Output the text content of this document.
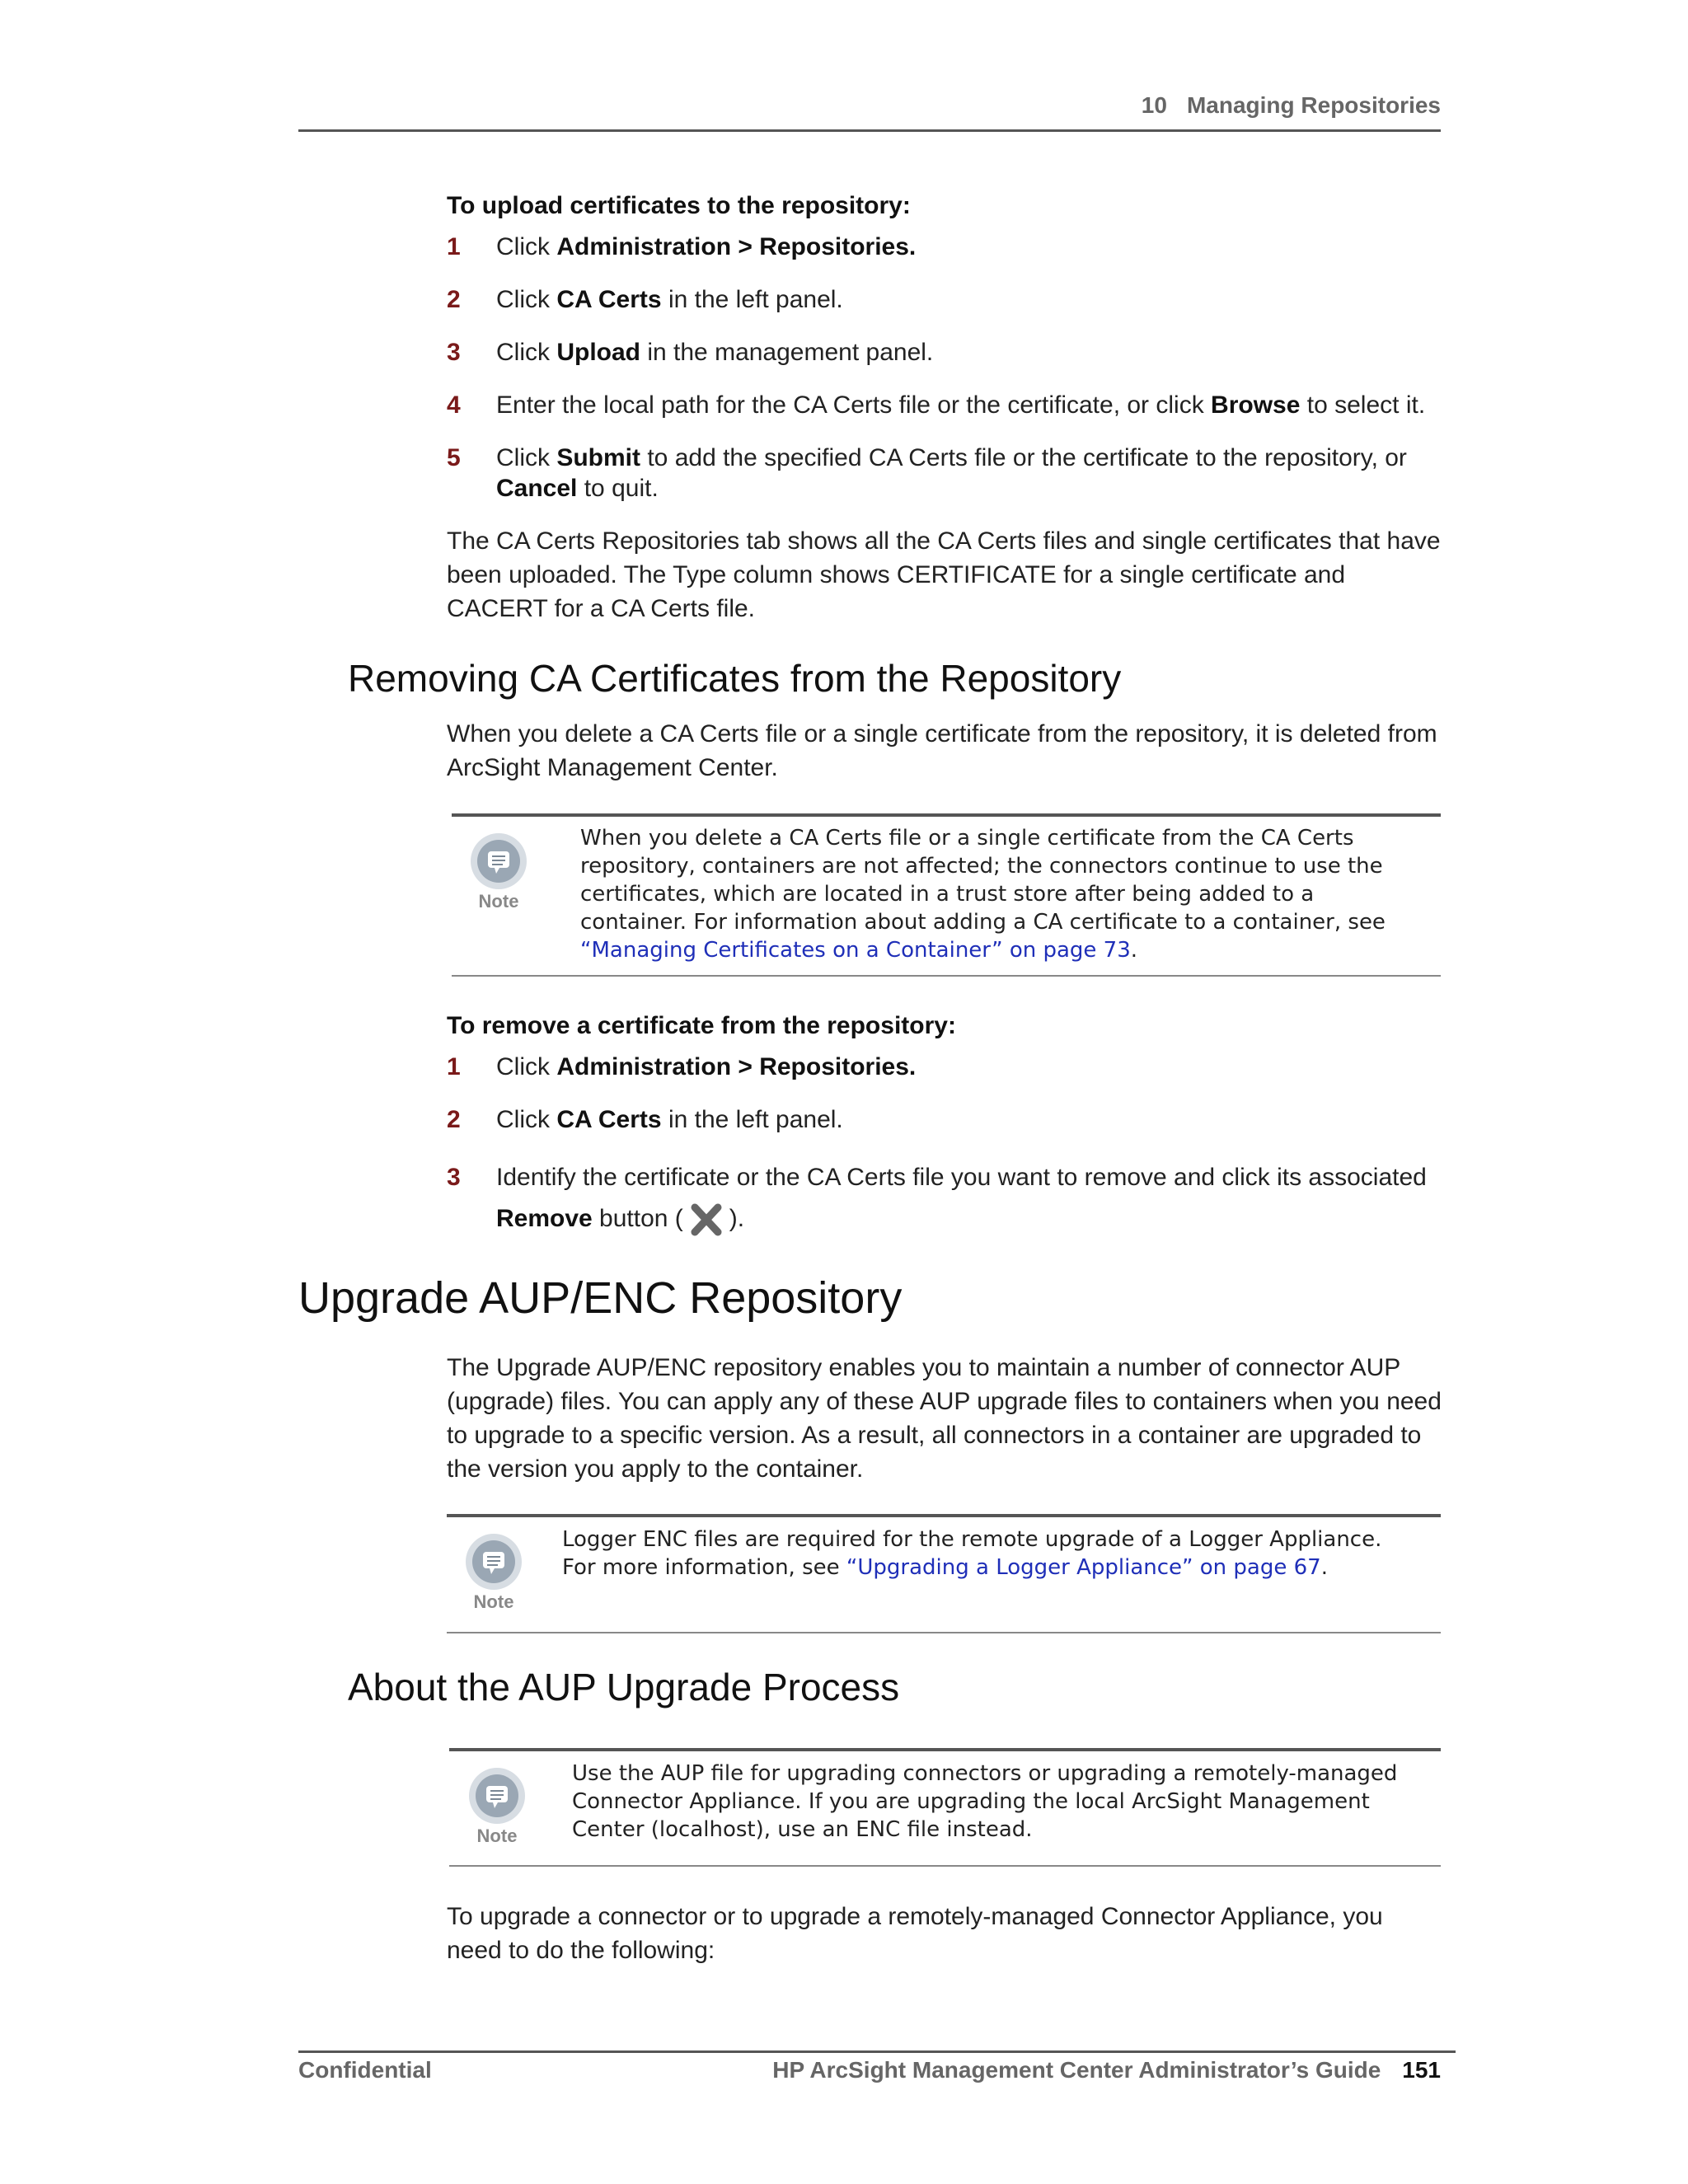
10 Managing Repositories
To upload certificates to the repository:
1 Click Administration > Repositories.
2 Click CA Certs in the left panel.
3 Click Upload in the management panel.
4 Enter the local path for the CA Certs file or the certificate, or click Browse to select it.
5 Click Submit to add the specified CA Certs file or the certificate to the repository, or Cancel to quit.
The CA Certs Repositories tab shows all the CA Certs files and single certificates that have been uploaded. The Type column shows CERTIFICATE for a single certificate and CACERT for a CA Certs file.
Removing CA Certificates from the Repository
When you delete a CA Certs file or a single certificate from the repository, it is deleted from ArcSight Management Center.
Note
When you delete a CA Certs file or a single certificate from the CA Certs repository, containers are not affected; the connectors continue to use the certificates, which are located in a trust store after being added to a container. For information about adding a CA certificate to a container, see “Managing Certificates on a Container” on page 73.
To remove a certificate from the repository:
1 Click Administration > Repositories.
2 Click CA Certs in the left panel.
3 Identify the certificate or the CA Certs file you want to remove and click its associated Remove button ( ).
Upgrade AUP/ENC Repository
The Upgrade AUP/ENC repository enables you to maintain a number of connector AUP (upgrade) files. You can apply any of these AUP upgrade files to containers when you need to upgrade to a specific version. As a result, all connectors in a container are upgraded to the version you apply to the container.
Note
Logger ENC files are required for the remote upgrade of a Logger Appliance. For more information, see “Upgrading a Logger Appliance” on page 67.
About the AUP Upgrade Process
Note
Use the AUP file for upgrading connectors or upgrading a remotely-managed Connector Appliance. If you are upgrading the local ArcSight Management Center (localhost), use an ENC file instead.
To upgrade a connector or to upgrade a remotely-managed Connector Appliance, you need to do the following:
Confidential	HP ArcSight Management Center Administrator’s Guide 151
